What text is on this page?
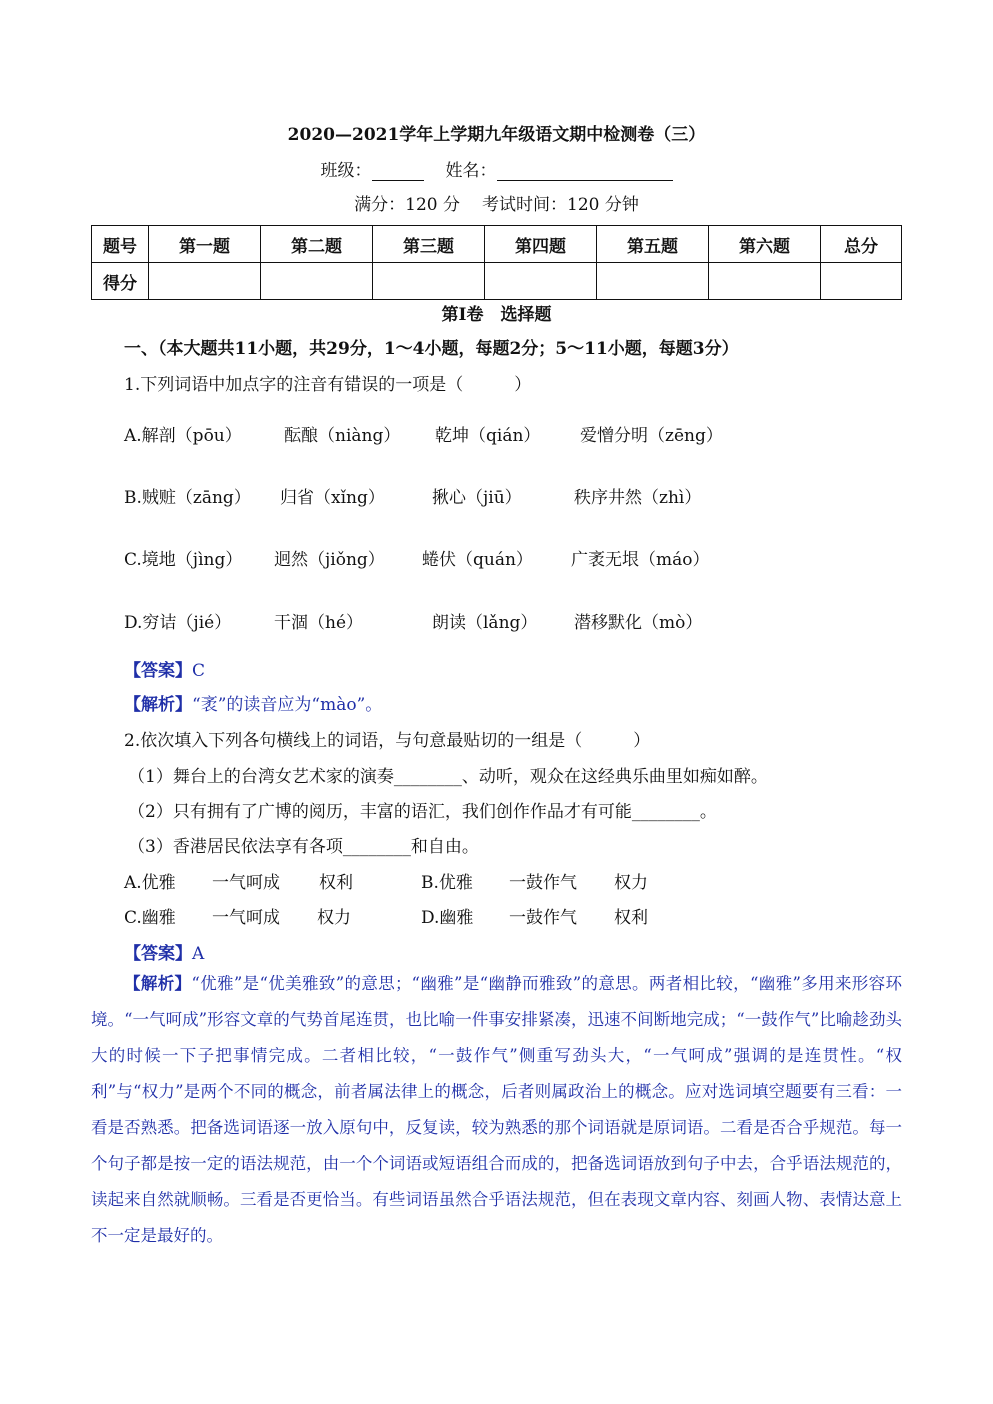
2020—2021学年上学期九年级语文期中检测卷（三）
班级：	姓名：
满分：120 分 考试时间：120 分钟
题号	第一题	第二题	第三题	第四题	第五题	第六题	总分
得分							
第Ⅰ卷　选择题
一、（本大题共11小题，共29分，1～4小题，每题2分；5～11小题，每题3分）
1.下列词语中加点字的注音有错误的一项是（　　　）
A.解剖（pōu） 酝酿（niàng） 乾坤（qián） 爱憎分明（zēng）
B.贼赃（zāng） 归省（xǐng）	揪心（jiū）	秩序井然（zhì）
C.境地（jìng） 迥然（jiǒng） 蜷伏（quán） 广袤无垠（máo）
D.穷诘（jié）	干涸（hé）	朗读（lǎng） 潜移默化（mò）
【答案】C
【解析】“袤”的读音应为“mào”。
2.依次填入下列各句横线上的词语，与句意最贴切的一组是（　　　）
（1）舞台上的台湾女艺术家的演奏________、动听，观众在这经典乐曲里如痴如醉。
（2）只有拥有了广博的阅历，丰富的语汇，我们创作作品才有可能________。
（3）香港居民依法享有各项________和自由。
A.优雅 一气呵成 权利	B.优雅 一鼓作气 权力
C.幽雅 一气呵成 权力	D.幽雅 一鼓作气 权利
【答案】A
【解析】“优雅”是“优美雅致”的意思；“幽雅”是“幽静而雅致”的意思。两者相比较，“幽雅”多用来形容环境。“一气呵成”形容文章的气势首尾连贯，也比喻一件事安排紧凑，迅速不间断地完成；“一鼓作气”比喻趁劲头大的时候一下子把事情完成。二者相比较，“一鼓作气”侧重写劲头大，“一气呵成”强调的是连贯性。“权利”与“权力”是两个不同的概念，前者属法律上的概念，后者则属政治上的概念。应对选词填空题要有三看：一看是否熟悉。把备选词语逐一放入原句中，反复读，较为熟悉的那个词语就是原词语。二看是否合乎规范。每一个句子都是按一定的语法规范，由一个个词语或短语组合而成的，把备选词语放到句子中去，合乎语法规范的，读起来自然就顺畅。三看是否更恰当。有些词语虽然合乎语法规范，但在表现文章内容、刻画人物、表情达意上不一定是最好的。
